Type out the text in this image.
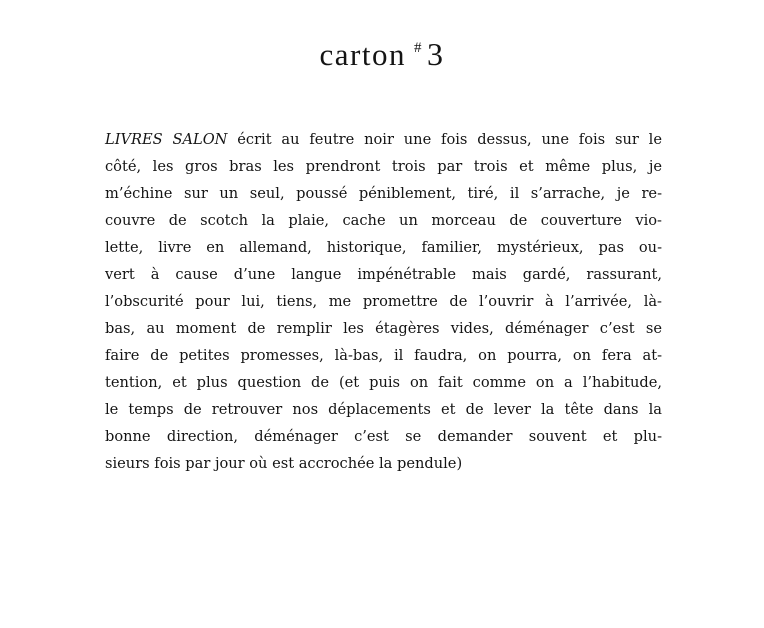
carton # 3
LIVRES SALON écrit au feutre noir une fois dessus, une fois sur le
côté, les gros bras les prendront trois par trois et même plus, je
m’échine sur un seul, poussé péniblement, tiré, il s’arrache, je re-
couvre de scotch la plaie, cache un morceau de couverture vio-
lette, livre en allemand, historique, familier, mystérieux, pas ou-
vert à cause d’une langue impénétrable mais gardé, rassurant,
l’obscurité pour lui, tiens, me promettre de l’ouvrir à l’arrivée, là-
bas, au moment de remplir les étagères vides, déménager c’est se
faire de petites promesses, là-bas, il faudra, on pourra, on fera at-
tention, et plus question de (et puis on fait comme on a l’habitude,
le temps de retrouver nos déplacements et de lever la tête dans la
bonne direction, déménager c’est se demander souvent et plu-
sieurs fois par jour où est accrochée la pendule)
